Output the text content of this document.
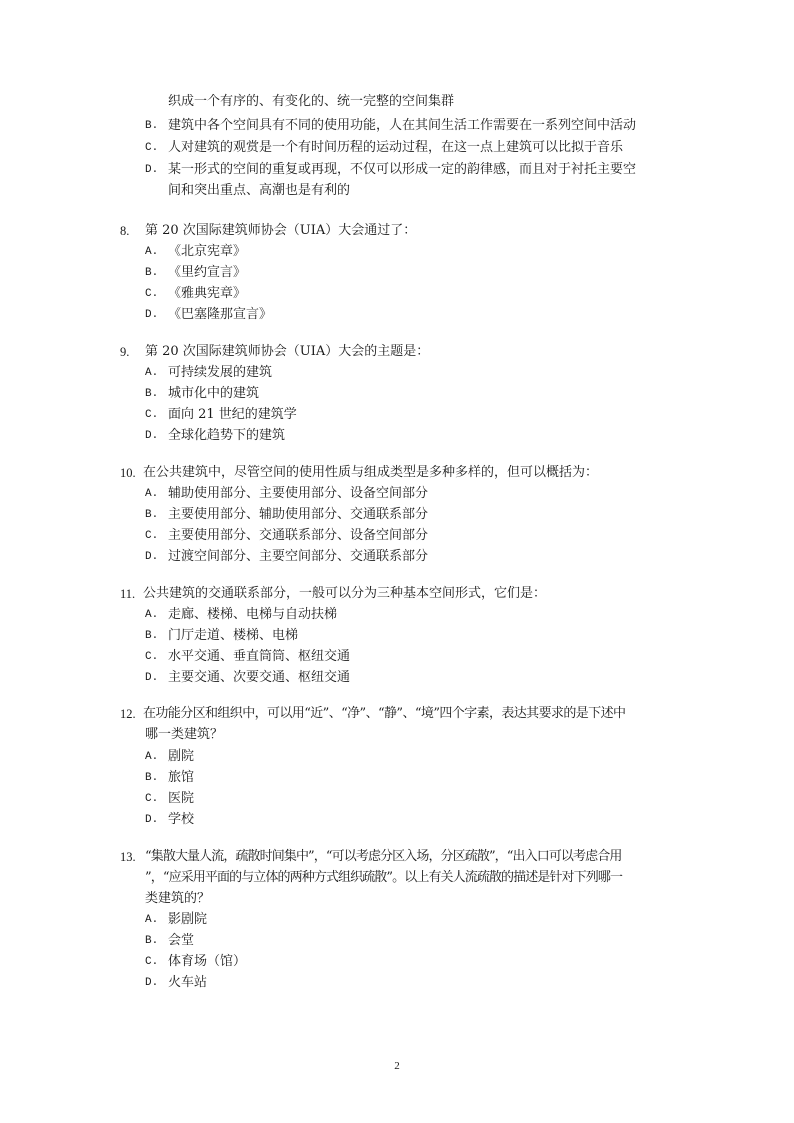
织成一个有序的、有变化的、统一完整的空间集群
B. 建筑中各个空间具有不同的使用功能，人在其间生活工作需要在一系列空间中活动
C. 人对建筑的观赏是一个有时间历程的运动过程，在这一点上建筑可以比拟于音乐
D. 某一形式的空间的重复或再现，不仅可以形成一定的韵律感，而且对于衬托主要空
间和突出重点、高潮也是有利的
8. 第 20 次国际建筑师协会（UIA）大会通过了：
A. 《北京宪章》
B. 《里约宣言》
C. 《雅典宪章》
D. 《巴塞隆那宣言》
9. 第 20 次国际建筑师协会（UIA）大会的主题是：
A. 可持续发展的建筑
B. 城市化中的建筑
C. 面向 21 世纪的建筑学
D. 全球化趋势下的建筑
10. 在公共建筑中，尽管空间的使用性质与组成类型是多种多样的，但可以概括为：
A. 辅助使用部分、主要使用部分、设备空间部分
B. 主要使用部分、辅助使用部分、交通联系部分
C. 主要使用部分、交通联系部分、设备空间部分
D. 过渡空间部分、主要空间部分、交通联系部分
11. 公共建筑的交通联系部分，一般可以分为三种基本空间形式，它们是：
A. 走廊、楼梯、电梯与自动扶梯
B. 门厅走道、楼梯、电梯
C. 水平交通、垂直筒筒、枢纽交通
D. 主要交通、次要交通、枢纽交通
12. 在功能分区和组织中，可以用“近”、“净”、“静”、“境”四个字素，表达其要求的是下述中
哪一类建筑？
A. 剧院
B. 旅馆
C. 医院
D. 学校
13. “集散大量人流，疏散时间集中”，“可以考虑分区入场，分区疏散”，“出入口可以考虑合用
”，“应采用平面的与立体的两种方式组织疏散”。以上有关人流疏散的描述是针对下列哪一
类建筑的？
A. 影剧院
B. 会堂
C. 体育场（馆）
D. 火车站
2
